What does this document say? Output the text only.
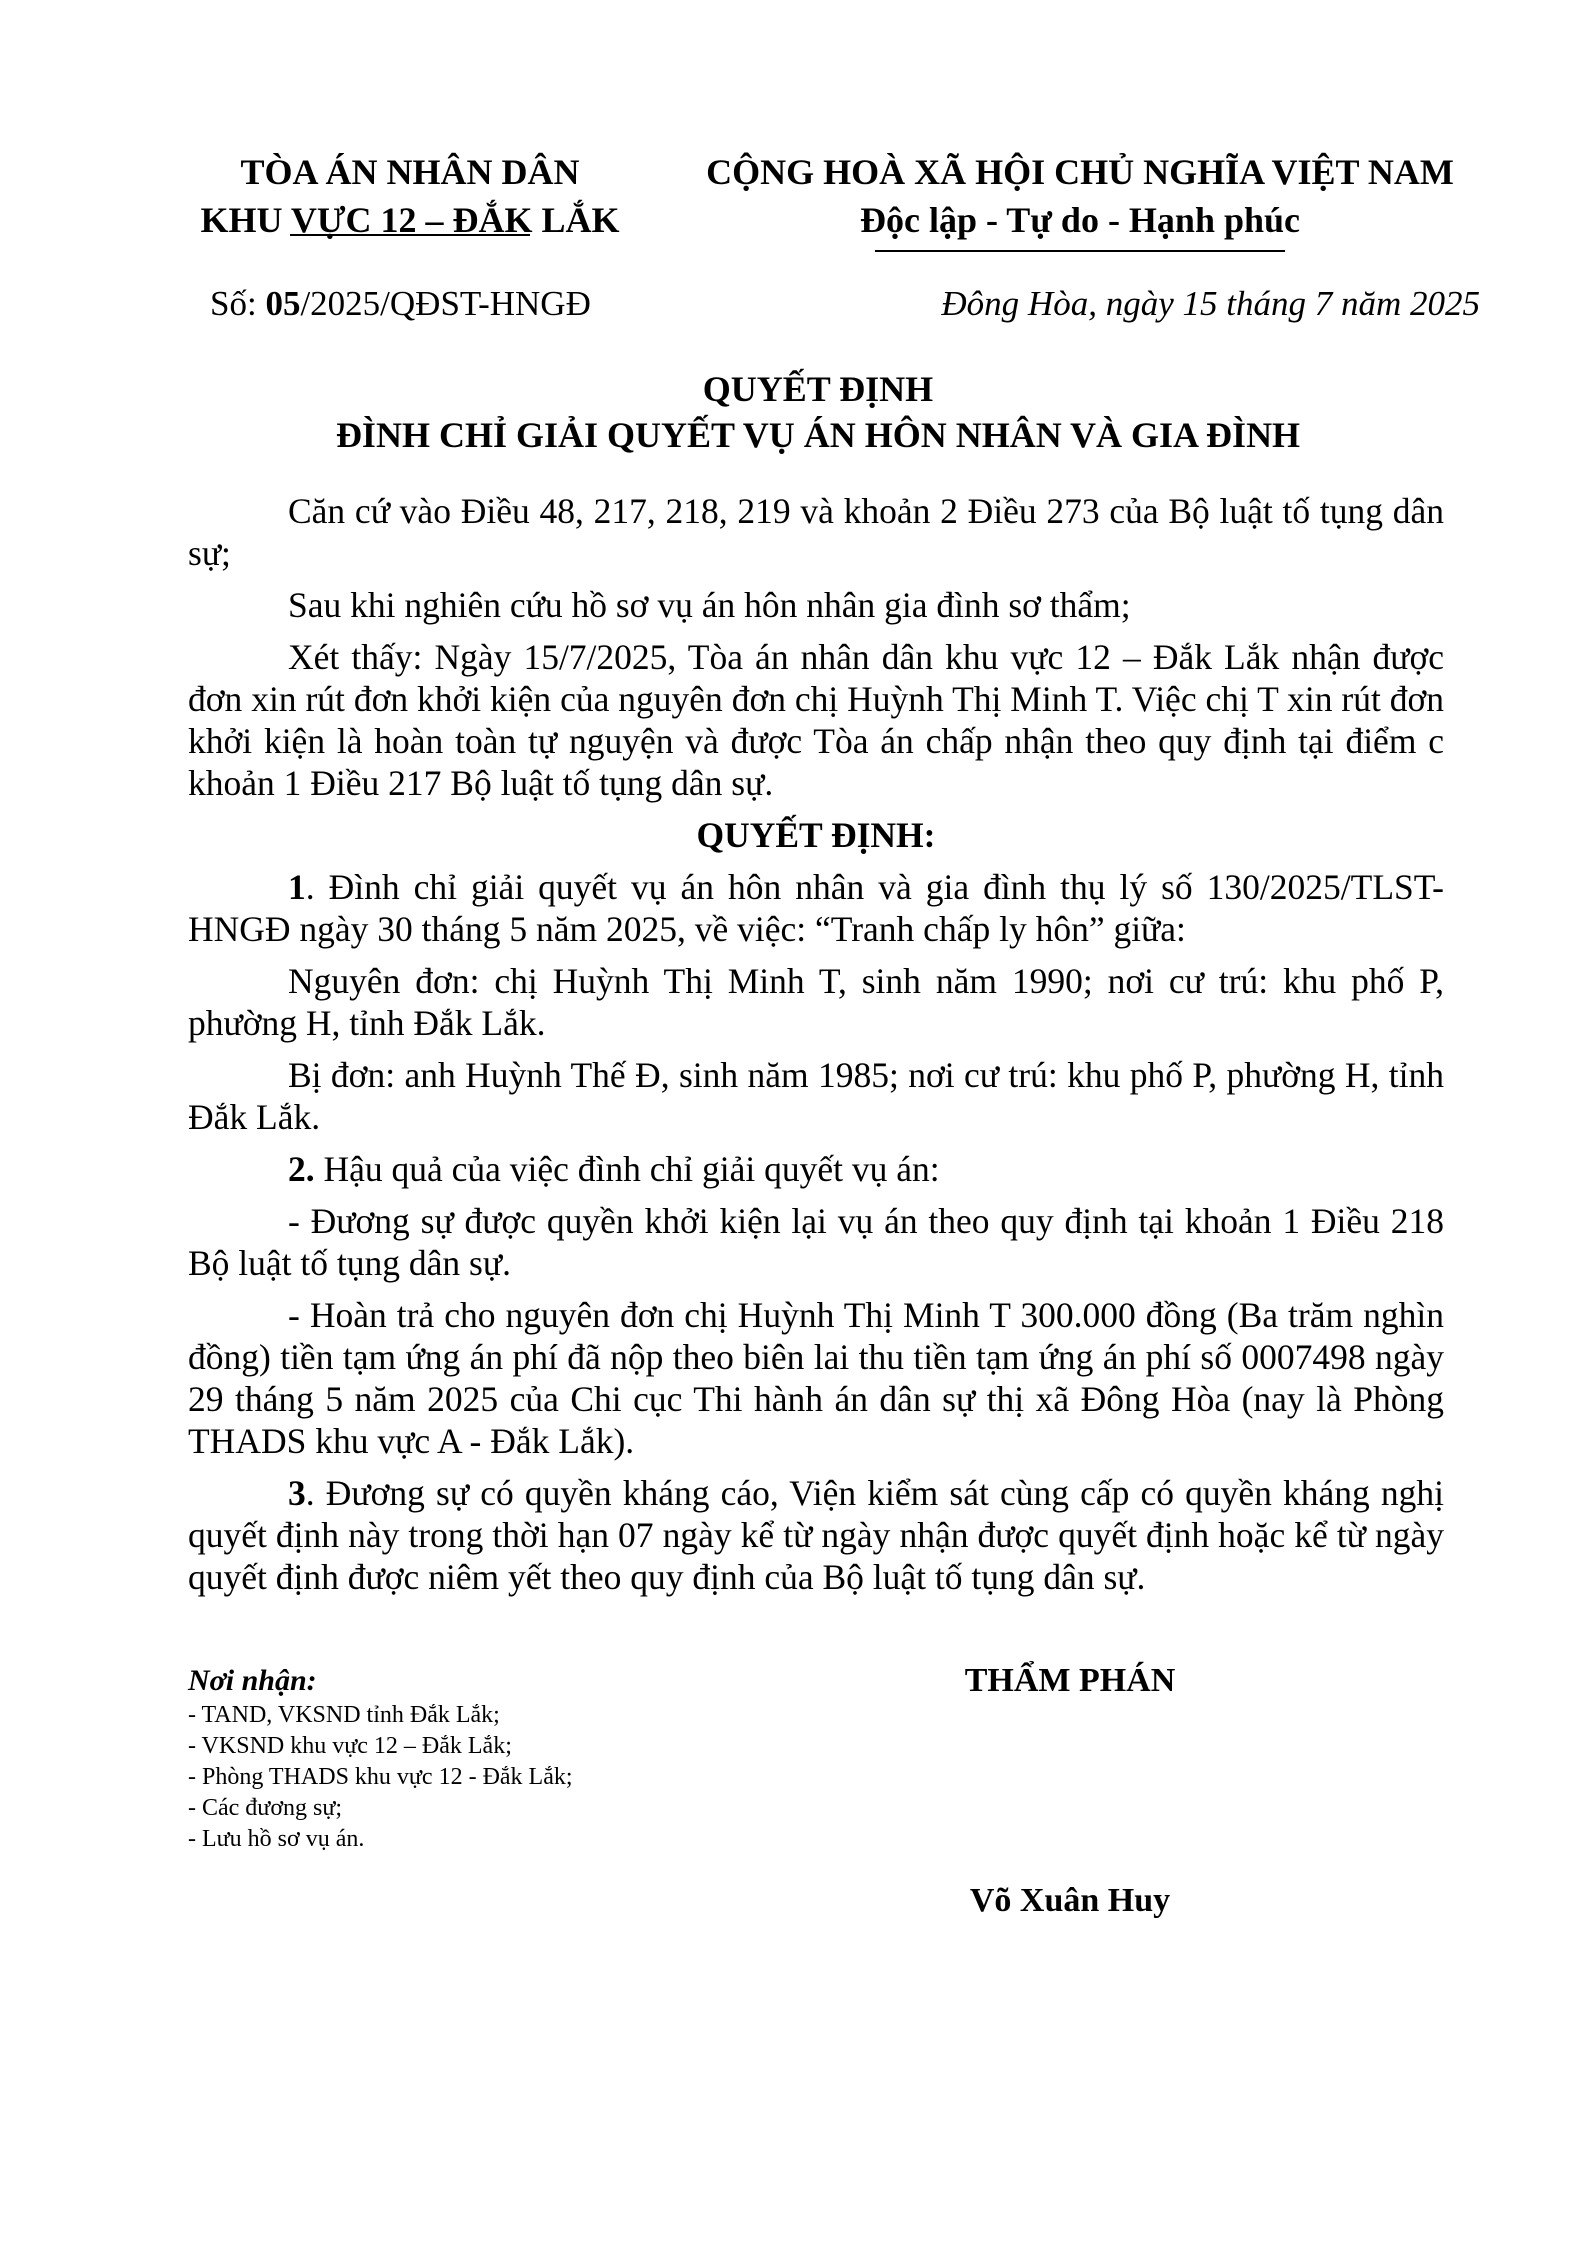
TÒA ÁN NHÂN DÂN
KHU VỰC 12 – ĐẮK LẮK
CỘNG HOÀ XÃ HỘI CHỦ NGHĨA VIỆT NAM
Độc lập - Tự do - Hạnh phúc
Số: 05/2025/QĐST-HNGĐ	Đông Hòa, ngày 15 tháng 7 năm 2025
QUYẾT ĐỊNH
ĐÌNH CHỈ GIẢI QUYẾT VỤ ÁN HÔN NHÂN VÀ GIA ĐÌNH

Căn cứ vào Điều 48, 217, 218, 219 và khoản 2 Điều 273 của Bộ luật tố tụng dân sự;

Sau khi nghiên cứu hồ sơ vụ án hôn nhân gia đình sơ thẩm;

Xét thấy: Ngày 15/7/2025, Tòa án nhân dân khu vực 12 – Đắk Lắk nhận được đơn xin rút đơn khởi kiện của nguyên đơn chị Huỳnh Thị Minh T. Việc chị T xin rút đơn khởi kiện là hoàn toàn tự nguyện và được Tòa án chấp nhận theo quy định tại điểm c khoản 1 Điều 217 Bộ luật tố tụng dân sự.

QUYẾT ĐỊNH:

1. Đình chỉ giải quyết vụ án hôn nhân và gia đình thụ lý số 130/2025/TLST-HNGĐ ngày 30 tháng 5 năm 2025, về việc: “Tranh chấp ly hôn” giữa:

Nguyên đơn: chị Huỳnh Thị Minh T, sinh năm 1990; nơi cư trú: khu phố P, phường H, tỉnh Đắk Lắk.

Bị đơn: anh Huỳnh Thế Đ, sinh năm 1985; nơi cư trú: khu phố P, phường H, tỉnh Đắk Lắk.

2. Hậu quả của việc đình chỉ giải quyết vụ án:

- Đương sự được quyền khởi kiện lại vụ án theo quy định tại khoản 1 Điều 218 Bộ luật tố tụng dân sự.

- Hoàn trả cho nguyên đơn chị Huỳnh Thị Minh T 300.000 đồng (Ba trăm nghìn đồng) tiền tạm ứng án phí đã nộp theo biên lai thu tiền tạm ứng án phí số 0007498 ngày 29 tháng 5 năm 2025 của Chi cục Thi hành án dân sự thị xã Đông Hòa (nay là Phòng THADS khu vực A - Đắk Lắk).

3. Đương sự có quyền kháng cáo, Viện kiểm sát cùng cấp có quyền kháng nghị quyết định này trong thời hạn 07 ngày kể từ ngày nhận được quyết định hoặc kể từ ngày quyết định được niêm yết theo quy định của Bộ luật tố tụng dân sự.

Nơi nhận:
- TAND, VKSND tỉnh Đắk Lắk;
- VKSND khu vực 12 – Đắk Lắk;
- Phòng THADS khu vực 12 - Đắk Lắk;
- Các đương sự;
- Lưu hồ sơ vụ án.
THẨM PHÁN
Võ Xuân Huy
